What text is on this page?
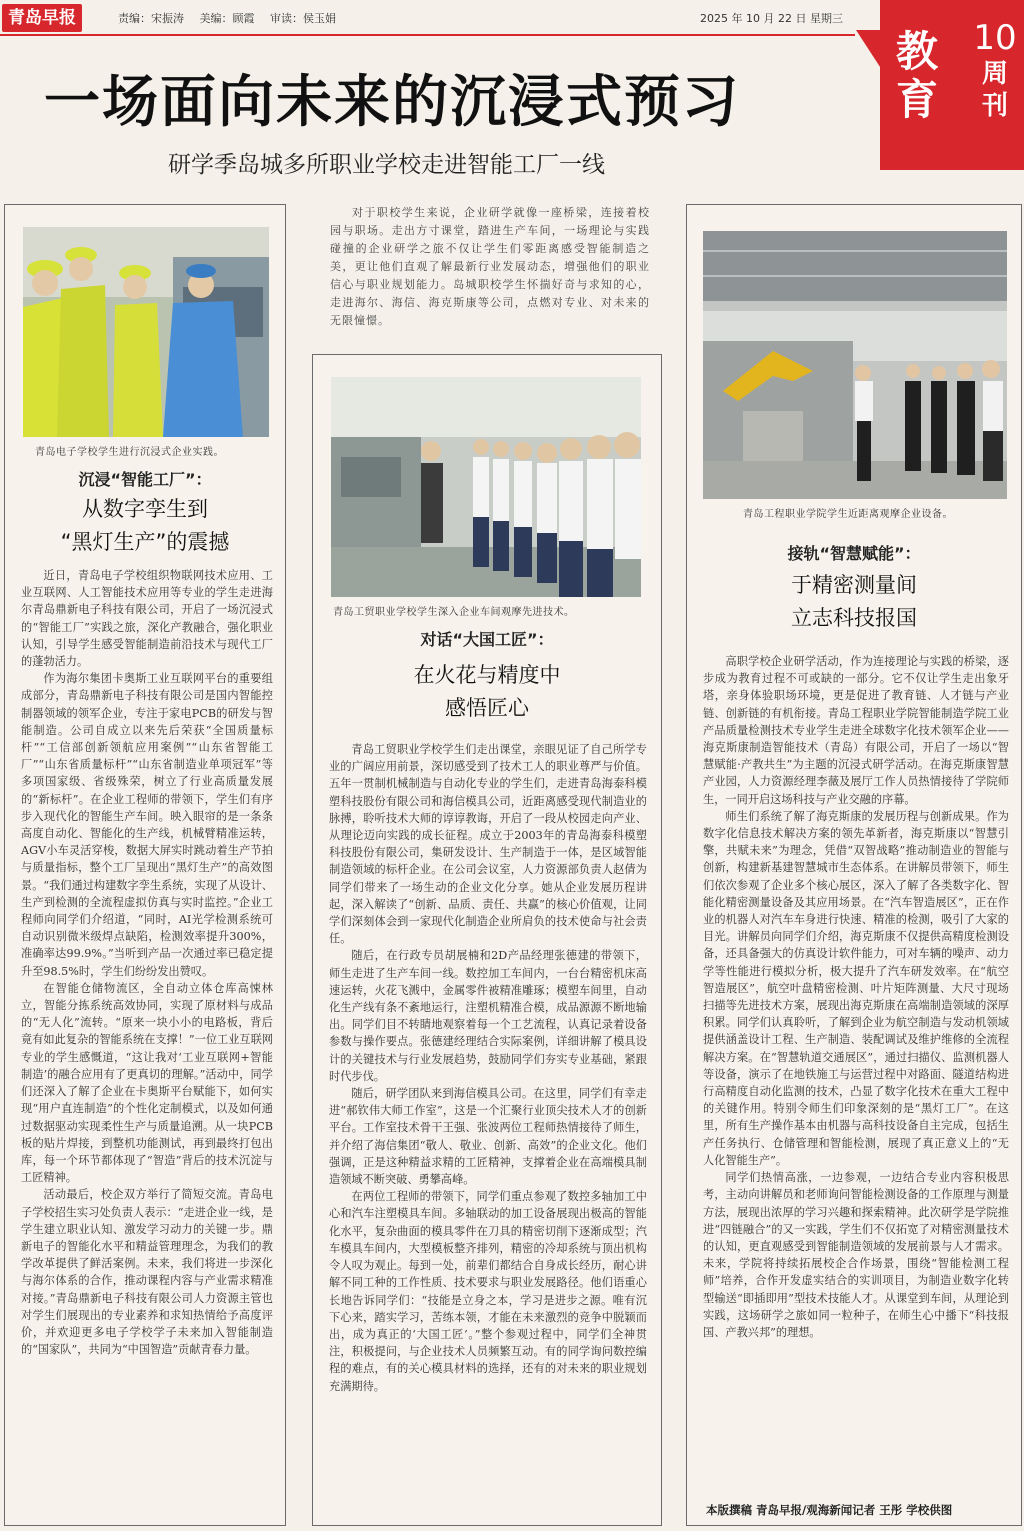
青岛早报	责编：宋振涛 美编：顾霞 审读：侯玉娟	2025 年 10 月 22 日 星期三
教育
10
周刊
一场面向未来的沉浸式预习
研学季岛城多所职业学校走进智能工厂一线
青岛电子学校学生进行沉浸式企业实践。
沉浸“智能工厂”：
从数字孪生到
“黑灯生产”的震撼

近日，青岛电子学校组织物联网技术应用、工业互联网、人工智能技术应用等专业的学生走进海尔青岛鼎新电子科技有限公司，开启了一场沉浸式的“智能工厂”实践之旅，深化产教融合，强化职业认知，引导学生感受智能制造前沿技术与现代工厂的蓬勃活力。

作为海尔集团卡奥斯工业互联网平台的重要组成部分，青岛鼎新电子科技有限公司是国内智能控制器领域的领军企业，专注于家电PCB的研发与智能制造。公司自成立以来先后荣获“全国质量标杆”“工信部创新领航应用案例”“山东省智能工厂”“山东省质量标杆”“山东省制造业单项冠军”等多项国家级、省级殊荣，树立了行业高质量发展的“新标杆”。在企业工程师的带领下，学生们有序步入现代化的智能生产车间。映入眼帘的是一条条高度自动化、智能化的生产线，机械臂精准运转，AGV小车灵活穿梭，数据大屏实时跳动着生产节拍与质量指标，整个工厂呈现出“黑灯生产”的高效图景。“我们通过构建数字孪生系统，实现了从设计、生产到检测的全流程虚拟仿真与实时监控。”企业工程师向同学们介绍道，“同时，AI光学检测系统可自动识别微米级焊点缺陷，检测效率提升300%，准确率达99.9%。”当听到产品一次通过率已稳定提升至98.5%时，学生们纷纷发出赞叹。

在智能仓储物流区，全自动立体仓库高悚林立，智能分拣系统高效协同，实现了原材料与成品的“无人化”流转。“原来一块小小的电路板，背后竟有如此复杂的智能系统在支撑！”一位工业互联网专业的学生感慨道，“这让我对‘工业互联网+智能制造’的融合应用有了更真切的理解。”活动中，同学们还深入了解了企业在卡奥斯平台赋能下，如何实现“用户直连制造”的个性化定制模式，以及如何通过数据驱动实现柔性生产与质量追溯。从一块PCB板的贴片焊接，到整机功能测试，再到最终打包出库，每一个环节都体现了“智造”背后的技术沉淀与工匠精神。

活动最后，校企双方举行了简短交流。青岛电子学校招生实习处负责人表示：“走进企业一线，是学生建立职业认知、激发学习动力的关键一步。鼎新电子的智能化水平和精益管理理念，为我们的教学改革提供了鲜活案例。未来，我们将进一步深化与海尔体系的合作，推动课程内容与产业需求精准对接。”青岛鼎新电子科技有限公司人力资源主管也对学生们展现出的专业素养和求知热情给予高度评价，并欢迎更多电子学校学子未来加入智能制造的“国家队”，共同为“中国智造”贡献青春力量。

对于职校学生来说，企业研学就像一座桥梁，连接着校园与职场。走出方寸课堂，踏进生产车间，一场理论与实践碰撞的企业研学之旅不仅让学生们零距离感受智能制造之美，更让他们直观了解最新行业发展动态，增强他们的职业信心与职业规划能力。岛城职校学生怀揣好奇与求知的心，走进海尔、海信、海克斯康等公司，点燃对专业、对未来的无限憧憬。
青岛工贸职业学校学生深入企业车间观摩先进技术。
对话“大国工匠”：
在火花与精度中
感悟匠心

青岛工贸职业学校学生们走出课堂，亲眼见证了自己所学专业的广阔应用前景，深切感受到了技术工人的职业尊严与价值。五年一贯制机械制造与自动化专业的学生们，走进青岛海泰科模塑科技股份有限公司和海信模具公司，近距离感受现代制造业的脉搏，聆听技术大师的谆谆教诲，开启了一段从校园走向产业、从理论迈向实践的成长征程。成立于2003年的青岛海泰科模塑科技股份有限公司，集研发设计、生产制造于一体，是区域智能制造领域的标杆企业。在公司会议室，人力资源部负责人赵倩为同学们带来了一场生动的企业文化分享。她从企业发展历程讲起，深入解读了“创新、品质、责任、共赢”的核心价值观，让同学们深刻体会到一家现代化制造企业所肩负的技术使命与社会责任。

随后，在行政专员胡展楠和2D产品经理张德建的带领下，师生走进了生产车间一线。数控加工车间内，一台台精密机床高速运转，火花飞溅中，金属零件被精准雕琢；模塑车间里，自动化生产线有条不紊地运行，注塑机精准合模，成品源源不断地输出。同学们目不转睛地观察着每一个工艺流程，认真记录着设备参数与操作要点。张德建经理结合实际案例，详细讲解了模具设计的关键技术与行业发展趋势，鼓励同学们夯实专业基础，紧跟时代步伐。

随后，研学团队来到海信模具公司。在这里，同学们有幸走进“郝钦伟大师工作室”，这是一个汇聚行业顶尖技术人才的创新平台。工作室技术骨干王强、张波两位工程师热情接待了师生，并介绍了海信集团“敬人、敬业、创新、高效”的企业文化。他们强调，正是这种精益求精的工匠精神，支撑着企业在高端模具制造领域不断突破、勇攀高峰。

在两位工程师的带领下，同学们重点参观了数控多轴加工中心和汽车注塑模具车间。多轴联动的加工设备展现出极高的智能化水平，复杂曲面的模具零件在刀具的精密切削下逐渐成型；汽车模具车间内，大型模板整齐排列，精密的冷却系统与顶出机构令人叹为观止。每到一处，前辈们都结合自身成长经历，耐心讲解不同工种的工作性质、技术要求与职业发展路径。他们语重心长地告诉同学们：“技能是立身之本，学习是进步之源。唯有沉下心来，踏实学习，苦练本领，才能在未来激烈的竞争中脱颖而出，成为真正的‘大国工匠’。”整个参观过程中，同学们全神贯注，积极提问，与企业技术人员频繁互动。有的同学询问数控编程的难点，有的关心模具材料的选择，还有的对未来的职业规划充满期待。

青岛工程职业学院学生近距离观摩企业设备。
接轨“智慧赋能”：
于精密测量间
立志科技报国

高职学校企业研学活动，作为连接理论与实践的桥梁，逐步成为教育过程不可或缺的一部分。它不仅让学生走出象牙塔，亲身体验职场环境，更是促进了教育链、人才链与产业链、创新链的有机衔接。青岛工程职业学院智能制造学院工业产品质量检测技术专业学生走进全球数字化技术领军企业——海克斯康制造智能技术（青岛）有限公司，开启了一场以“智慧赋能·产教共生”为主题的沉浸式研学活动。在海克斯康智慧产业园，人力资源经理李薇及展厅工作人员热情接待了学院师生，一同开启这场科技与产业交融的序幕。

师生们系统了解了海克斯康的发展历程与创新成果。作为数字化信息技术解决方案的领先革新者，海克斯康以“智慧引擎，共赋未来”为理念，凭借“双智战略”推动制造业的智能与创新，构建新基建智慧城市生态体系。在讲解员带领下，师生们依次参观了企业多个核心展区，深入了解了各类数字化、智能化精密测量设备及其应用场景。在“汽车智造展区”，正在作业的机器人对汽车车身进行快速、精准的检测，吸引了大家的目光。讲解员向同学们介绍，海克斯康不仅提供高精度检测设备，还具备强大的仿真设计软件能力，可对车辆的噪声、动力学等性能进行模拟分析，极大提升了汽车研发效率。在“航空智造展区”，航空叶盘精密检测、叶片矩阵测量、大尺寸现场扫描等先进技术方案，展现出海克斯康在高端制造领域的深厚积累。同学们认真聆听，了解到企业为航空制造与发动机领域提供涵盖设计工程、生产制造、装配调试及维护维修的全流程解决方案。在“智慧轨道交通展区”，通过扫描仪、监测机器人等设备，演示了在地铁施工与运营过程中对路面、隧道结构进行高精度自动化监测的技术，凸显了数字化技术在重大工程中的关键作用。特别令师生们印象深刻的是“黑灯工厂”。在这里，所有生产操作基本由机器与高科技设备自主完成，包括生产任务执行、仓储管理和智能检测，展现了真正意义上的“无人化智能生产”。

同学们热情高涨，一边参观，一边结合专业内容积极思考，主动向讲解员和老师询问智能检测设备的工作原理与测量方法，展现出浓厚的学习兴趣和探索精神。此次研学是学院推进“四链融合”的又一实践，学生们不仅拓宽了对精密测量技术的认知，更直观感受到智能制造领域的发展前景与人才需求。未来，学院将持续拓展校企合作场景，围绕“智能检测工程师”培养，合作开发虚实结合的实训项目，为制造业数字化转型输送“即插即用”型技术技能人才。从课堂到车间，从理论到实践，这场研学之旅如同一粒种子，在师生心中播下“科技报国、产教兴邦”的理想。

本版撰稿 青岛早报/观海新闻记者 王彤 学校供图
